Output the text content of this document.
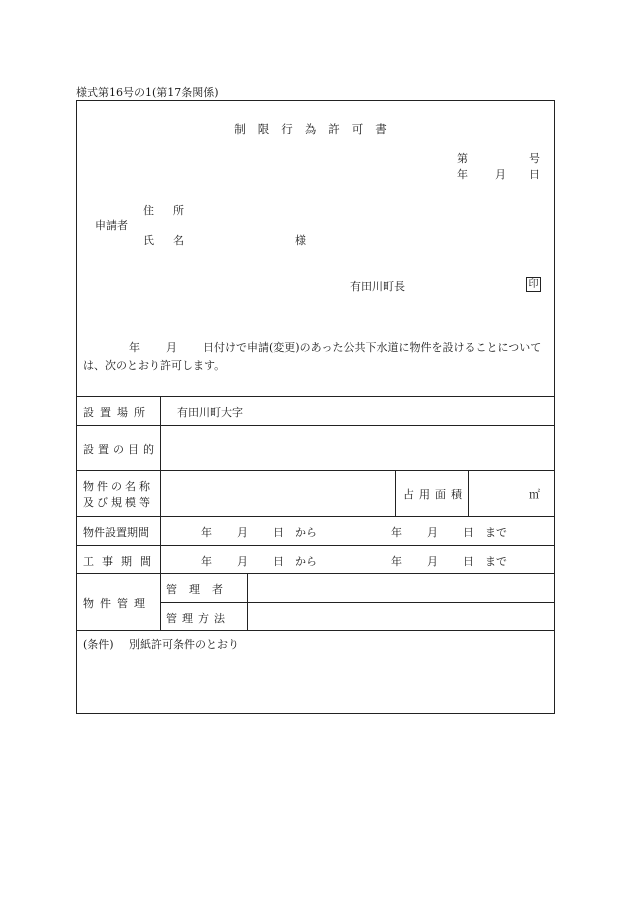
様式第16号の1(第17条関係)
制限行為許可書
第	号
年 月 日
住　所
申請者
氏　名	様
有田川町長	印
年 月 日付けで申請(変更)のあった公共下水道に物件を設けることについては、次のとおり許可します。
設置場所 有田川町大字
設置の目的
物件の名称
及び規模等
占用面積	㎡
物件設置期間	年 月 日 から	年 月 日 まで
工事期間	年 月 日 から	年 月 日 まで
物件管理
管理者
管理方法
(条件) 別紙許可条件のとおり
